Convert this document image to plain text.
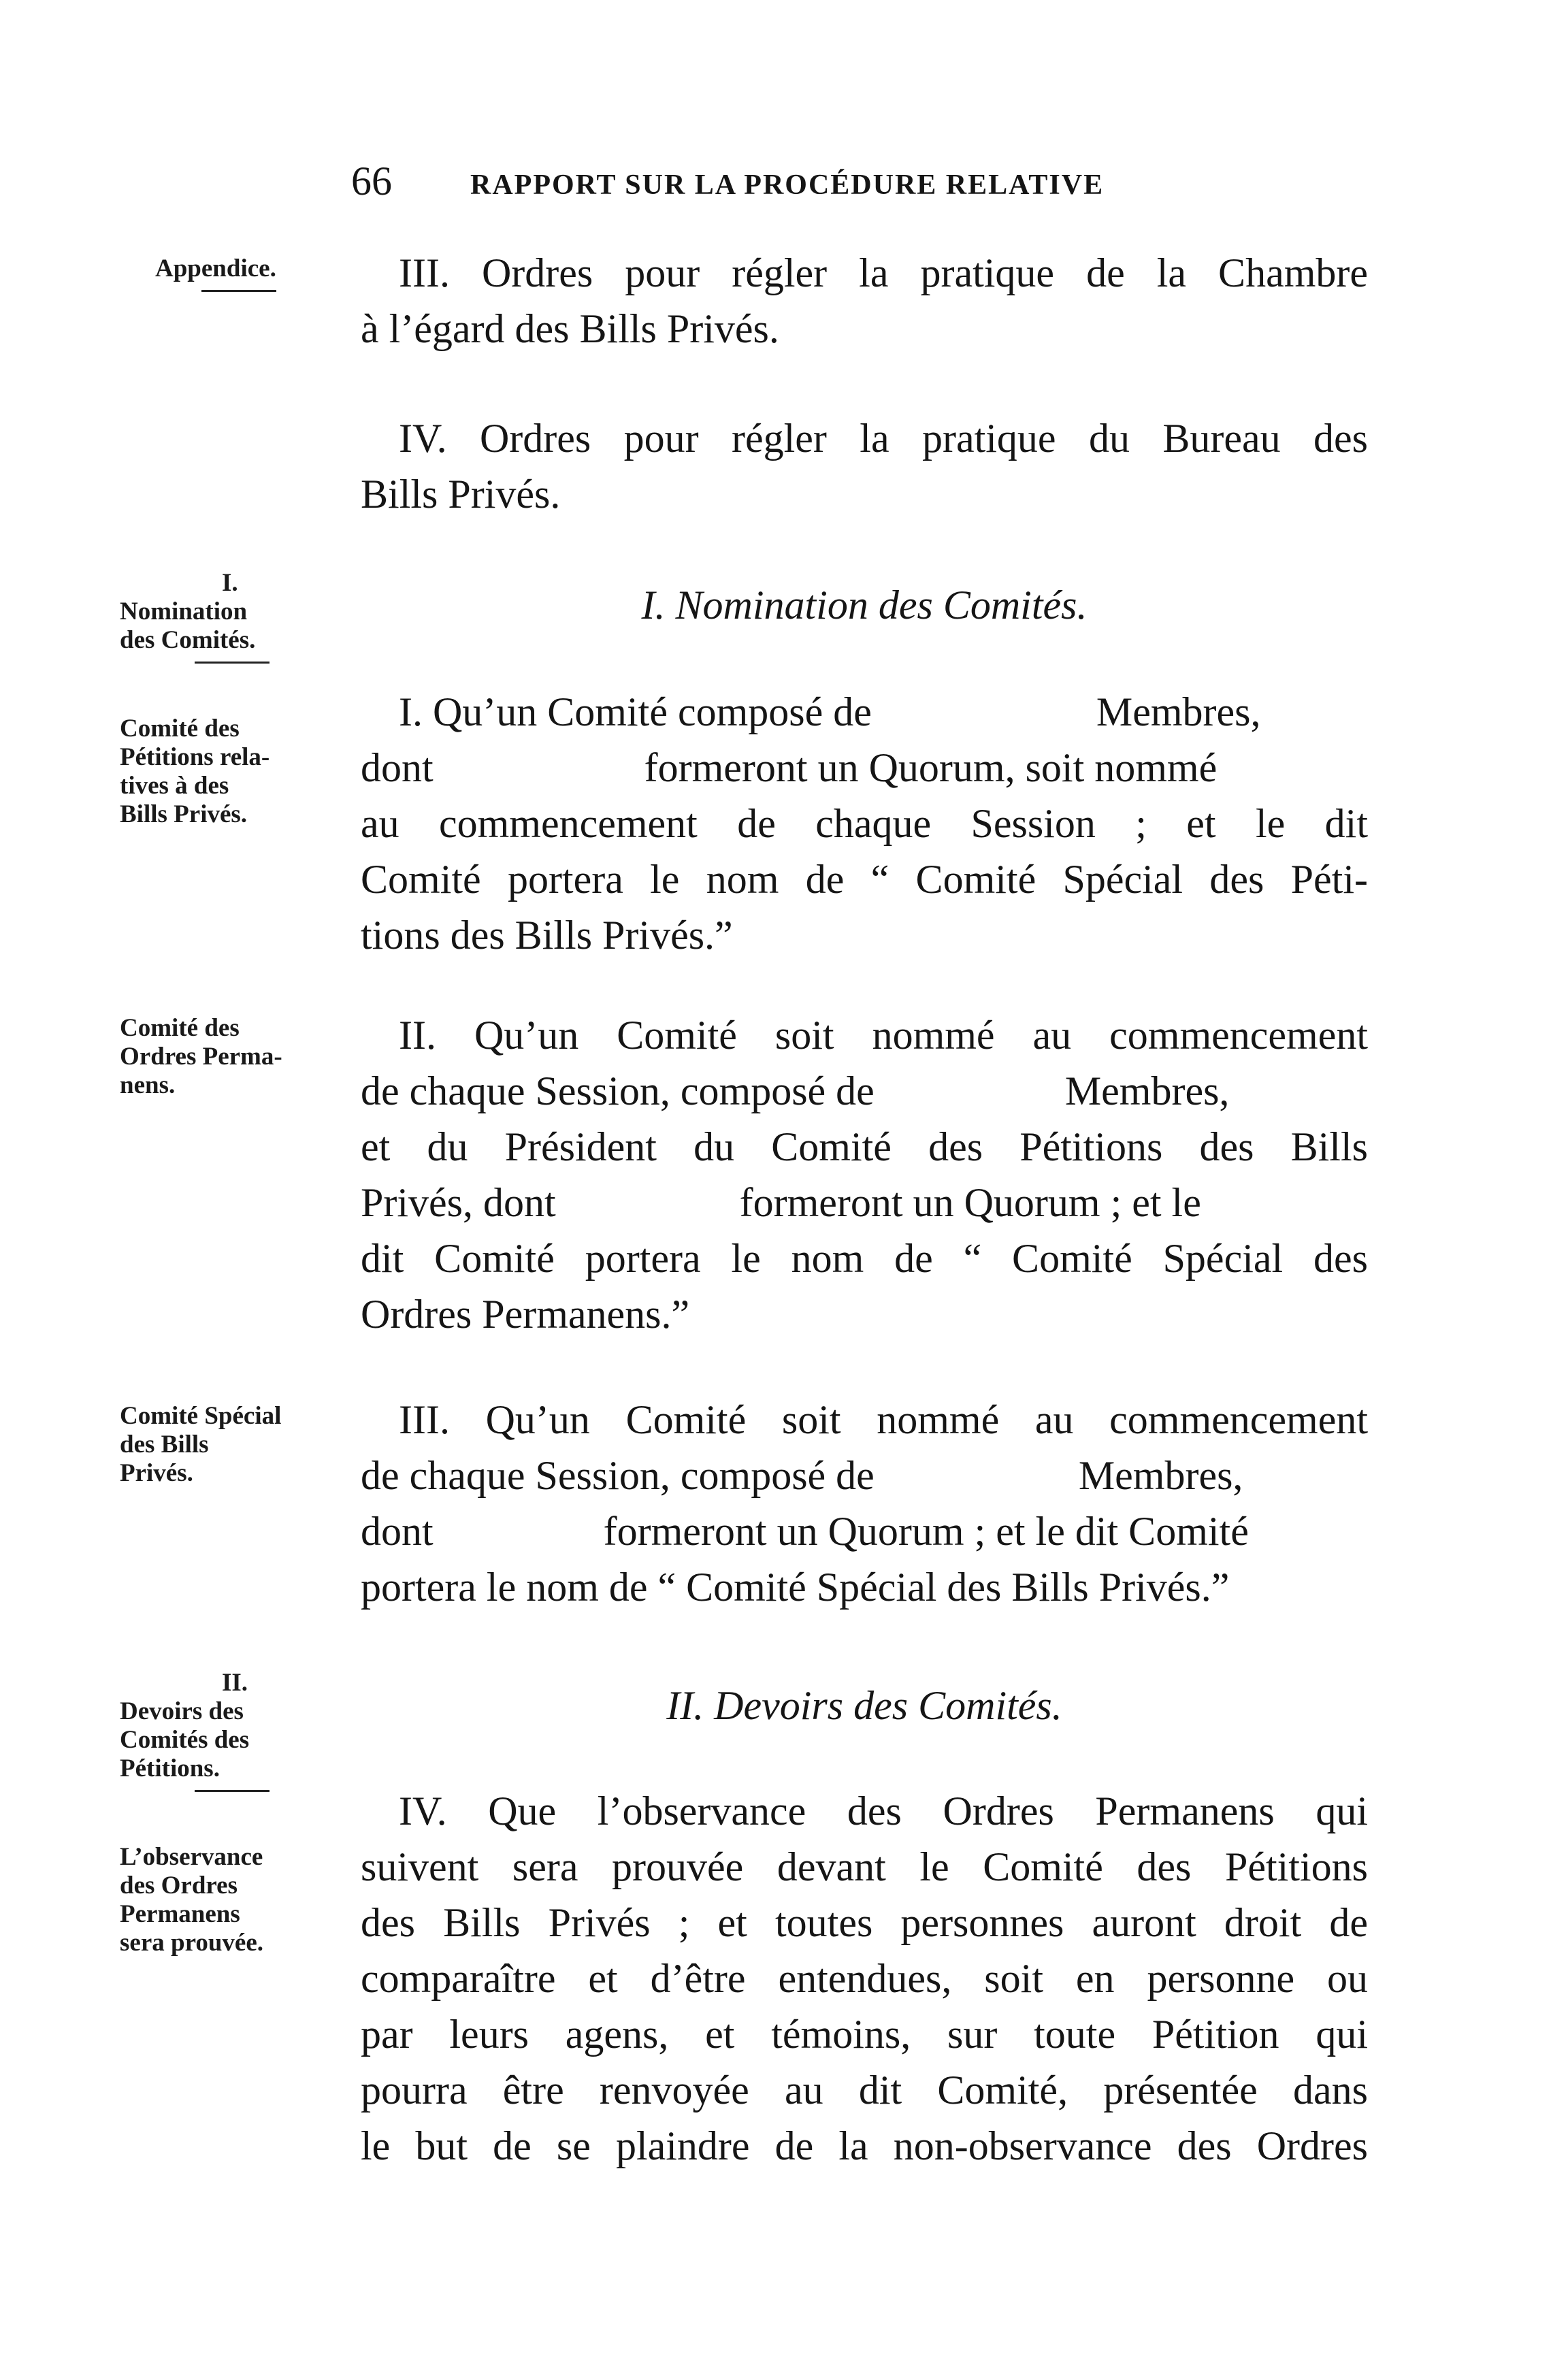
66	RAPPORT SUR LA PROCÉDURE RELATIVE
Appendice.
I.
Nomination
des Comités.
Comité des
Pétitions rela-
tives à des
Bills Privés.
Comité des
Ordres Perma-
nens.
Comité Spécial
des Bills
Privés.
II.
Devoirs des
Comités des
Pétitions.
L’observance
des Ordres
Permanens
sera prouvée.
III. Ordres pour régler la pratique de la Chambre
à l’égard des Bills Privés.
IV. Ordres pour régler la pratique du Bureau des
Bills Privés.
I. Nomination des Comités.
I. Qu’un Comité composé de	Membres,
dont	formeront un Quorum, soit nommé
au commencement de chaque Session ; et le dit
Comité portera le nom de “ Comité Spécial des Péti-
tions des Bills Privés.”
II. Qu’un Comité soit nommé au commencement
de chaque Session, composé de	Membres,
et du Président du Comité des Pétitions des Bills
Privés, dont	formeront un Quorum ; et le
dit Comité portera le nom de “ Comité Spécial des
Ordres Permanens.”
III. Qu’un Comité soit nommé au commencement
de chaque Session, composé de	Membres,
dont	formeront un Quorum ; et le dit Comité
portera le nom de “ Comité Spécial des Bills Privés.”
II. Devoirs des Comités.
IV. Que l’observance des Ordres Permanens qui
suivent sera prouvée devant le Comité des Pétitions
des Bills Privés ; et toutes personnes auront droit de
comparaître et d’être entendues, soit en personne ou
par leurs agens, et témoins, sur toute Pétition qui
pourra être renvoyée au dit Comité, présentée dans
le but de se plaindre de la non-observance des Ordres
